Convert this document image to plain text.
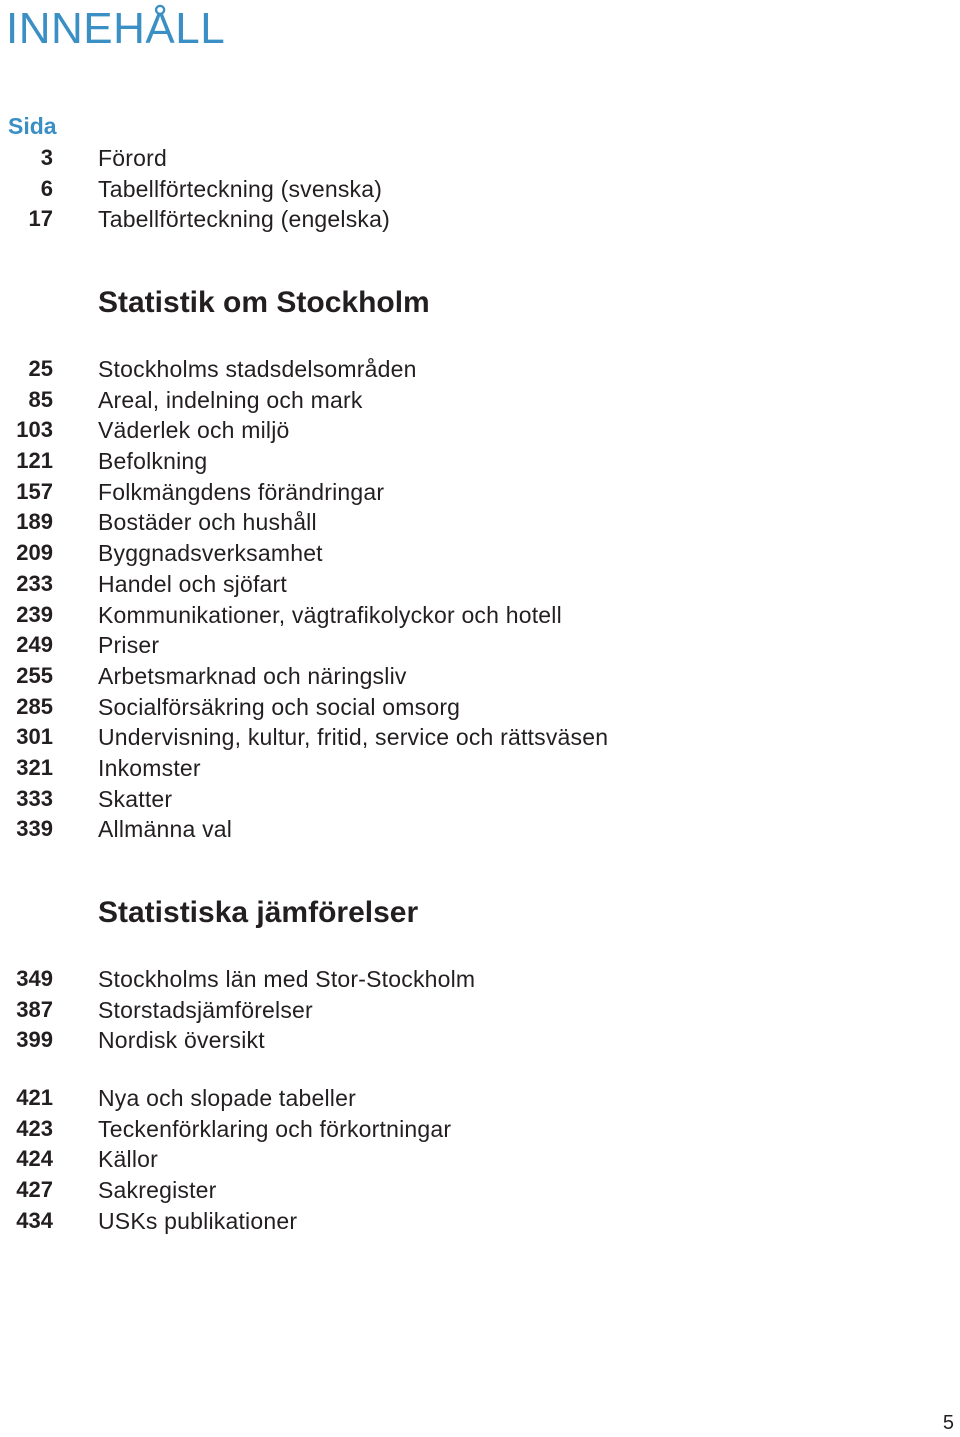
INNEHÅLL
Sida
3 Förord
6 Tabellförteckning (svenska)
17 Tabellförteckning (engelska)
Statistik om Stockholm
25 Stockholms stadsdelsområden
85 Areal, indelning och mark
103 Väderlek och miljö
121 Befolkning
157 Folkmängdens förändringar
189 Bostäder och hushåll
209 Byggnadsverksamhet
233 Handel och sjöfart
239 Kommunikationer, vägtrafikolyckor och hotell
249 Priser
255 Arbetsmarknad och näringsliv
285 Socialförsäkring och social omsorg
301 Undervisning, kultur, fritid, service och rättsväsen
321 Inkomster
333 Skatter
339 Allmänna val
Statistiska jämförelser
349 Stockholms län med Stor-Stockholm
387 Storstadsjämförelser
399 Nordisk översikt
421 Nya och slopade tabeller
423 Teckenförklaring och förkortningar
424 Källor
427 Sakregister
434 USKs publikationer
5
